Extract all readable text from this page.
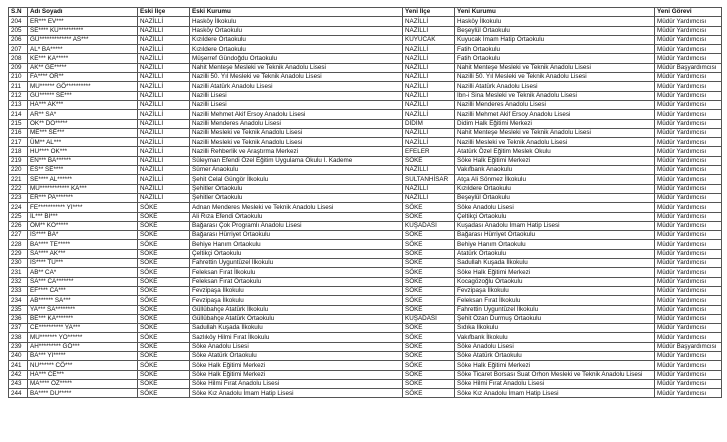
S.N	Adı Soyadı	Eski İlçe	Eski Kurumu	Yeni İlçe	Yeni Kurumu	Yeni Görevi
204	ER*** EV***	NAZİLLİ	Hasköy İlkokulu	NAZİLLİ	Hasköy İlkokulu	Müdür Yardımcısı
205	SE**** KU**********	NAZİLLİ	Hasköy Ortaokulu	NAZİLLİ	Beşeylül Ortaokulu	Müdür Yardımcısı
206	GÜ************* AS***	NAZİLLİ	Kızıldere Ortaokulu	KUYUCAK	Kuyucak İmam Hatip Ortaokulu	Müdür Yardımcısı
207	AL* BA*****	NAZİLLİ	Kızıldere Ortaokulu	NAZİLLİ	Fatih Ortaokulu	Müdür Yardımcısı
208	KE*** KA*****	NAZİLLİ	Müşerref Gündoğdu Ortaokulu	NAZİLLİ	Fatih Ortaokulu	Müdür Yardımcısı
209	AK** GE*****	NAZİLLİ	Nahit Menteşe Mesleki ve Teknik Anadolu Lisesi	NAZİLLİ	Nahit Menteşe Mesleki ve Teknik Anadolu Lisesi	Müdür Başyardımcısı
210	FA**** OR**	NAZİLLİ	Nazilli 50. Yıl Mesleki ve Teknik Anadolu Lisesi	NAZİLLİ	Nazilli 50. Yıl Mesleki ve Teknik Anadolu Lisesi	Müdür Yardımcısı
211	MU****** GÖ**********	NAZİLLİ	Nazilli Atatürk Anadolu Lisesi	NAZİLLİ	Nazilli Atatürk Anadolu Lisesi	Müdür Yardımcısı
212	GÜ****** SE***	NAZİLLİ	Nazilli Lisesi	NAZİLLİ	İbn-i Sina Mesleki ve Teknik Anadolu Lisesi	Müdür Yardımcısı
213	HA*** AK***	NAZİLLİ	Nazilli Lisesi	NAZİLLİ	Nazilli Menderes Anadolu Lisesi	Müdür Yardımcısı
214	AR** SA*	NAZİLLİ	Nazilli Mehmet Akif Ersoy Anadolu Lisesi	NAZİLLİ	Nazilli Mehmet Akif Ersoy Anadolu Lisesi	Müdür Yardımcısı
215	OK** DO*****	NAZİLLİ	Nazilli Menderes Anadolu Lisesi	DİDİM	Didim Halk Eğitimi Merkezi	Müdür Yardımcısı
216	ME*** SE***	NAZİLLİ	Nazilli Mesleki ve Teknik Anadolu Lisesi	NAZİLLİ	Nahit Menteşe Mesleki ve Teknik Anadolu Lisesi	Müdür Yardımcısı
217	ÜM** AL***	NAZİLLİ	Nazilli Mesleki ve Teknik Anadolu Lisesi	NAZİLLİ	Nazilli Mesleki ve Teknik Anadolu Lisesi	Müdür Yardımcısı
218	HU**** OK***	NAZİLLİ	Nazilli Rehberlik ve Araştırma Merkezi	EFELER	Atatürk Özel Eğitim Meslek Okulu	Müdür Yardımcısı
219	EN*** BA******	NAZİLLİ	Süleyman Efendi Özel Eğitim Uygulama Okulu I. Kademe	SÖKE	Söke Halk Eğitimi Merkezi	Müdür Yardımcısı
220	ES** SE****	NAZİLLİ	Sümer Anaokulu	NAZİLLİ	Vakıfbank Anaokulu	Müdür Yardımcısı
221	SE**** AL******	NAZİLLİ	Şehit Celal Güngör İlkokulu	SULTANHİSAR	Atça Ali Sönmez İlkokulu	Müdür Yardımcısı
222	MU************ KA***	NAZİLLİ	Şehitler Ortaokulu	NAZİLLİ	Kızıldere Ortaokulu	Müdür Yardımcısı
223	ER*** PA*******	NAZİLLİ	Şehitler Ortaokulu	NAZİLLİ	Beşeylül Ortaokulu	Müdür Yardımcısı
224	FE*********** YI****	SÖKE	Adnan Menderes Mesleki ve Teknik Anadolu Lisesi	SÖKE	Söke Anadolu Lisesi	Müdür Yardımcısı
225	İL*** BI***	SÖKE	Ali Rıza Efendi Ortaokulu	SÖKE	Çeltikçi Ortaokulu	Müdür Yardımcısı
226	ÖM** KO*****	SÖKE	Bağarası Çok Programlı Anadolu Lisesi	KUŞADASI	Kuşadası Anadolu İmam Hatip Lisesi	Müdür Yardımcısı
227	İS**** BA*	SÖKE	Bağarası Hürriyet Ortaokulu	SÖKE	Bağarası Hürriyet Ortaokulu	Müdür Yardımcısı
228	BA**** TE*****	SÖKE	Behiye Hanım Ortaokulu	SÖKE	Behiye Hanım Ortaokulu	Müdür Yardımcısı
229	SA**** AK***	SÖKE	Çeltikçi Ortaokulu	SÖKE	Atatürk Ortaokulu	Müdür Yardımcısı
230	İS**** TU***	SÖKE	Fahrettin Uyguntüzel İlkokulu	SÖKE	Sadullah Kuşada İlkokulu	Müdür Yardımcısı
231	AB** CA*	SÖKE	Feleksan Fırat İlkokulu	SÖKE	Söke Halk Eğitimi Merkezi	Müdür Yardımcısı
232	SA*** CA*******	SÖKE	Feleksan Fırat Ortaokulu	SÖKE	Kocagözoğlu Ortaokulu	Müdür Yardımcısı
233	EF**** CA***	SÖKE	Fevzipaşa İlkokulu	SÖKE	Fevzipaşa İlkokulu	Müdür Yardımcısı
234	AB****** SA***	SÖKE	Fevzipaşa İlkokulu	SÖKE	Feleksan Fırat İlkokulu	Müdür Yardımcısı
235	YA*** SA********	SÖKE	Güllübahçe Atatürk İlkokulu	SÖKE	Fahrettin Uyguntüzel İlkokulu	Müdür Yardımcısı
236	BE*** KA*******	SÖKE	Güllübahçe Atatürk Ortaokulu	KUŞADASI	Şehit Ozan Durmuş Ortaokulu	Müdür Yardımcısı
237	CE********** YA***	SÖKE	Sadullah Kuşada İlkokulu	SÖKE	Sıdıka İlkokulu	Müdür Yardımcısı
238	MU******* YO******	SÖKE	Sazlıköy Hilmi Fırat İlkokulu	SÖKE	Vakıfbank İlkokulu	Müdür Yardımcısı
239	AH********* GÖ***	SÖKE	Söke Anadolu Lisesi	SÖKE	Söke Anadolu Lisesi	Müdür Başyardımcısı
240	BA*** YI*****	SÖKE	Söke Atatürk Ortaokulu	SÖKE	Söke Atatürk Ortaokulu	Müdür Yardımcısı
241	NU****** CÖ***	SÖKE	Söke Halk Eğitimi Merkezi	SÖKE	Söke Halk Eğitimi Merkezi	Müdür Yardımcısı
242	HA*** CE***	SÖKE	Söke Halk Eğitimi Merkezi	SÖKE	Söke Ticaret Borsası Suat Orhon Mesleki ve Teknik Anadolu Lisesi	Müdür Yardımcısı
243	MA**** ÖZ*****	SÖKE	Söke Hilmi Fırat Anadolu Lisesi	SÖKE	Söke Hilmi Fırat Anadolu Lisesi	Müdür Yardımcısı
244	BA**** DU*****	SÖKE	Söke Kız Anadolu İmam Hatip Lisesi	SÖKE	Söke Kız Anadolu İmam Hatip Lisesi	Müdür Yardımcısı
